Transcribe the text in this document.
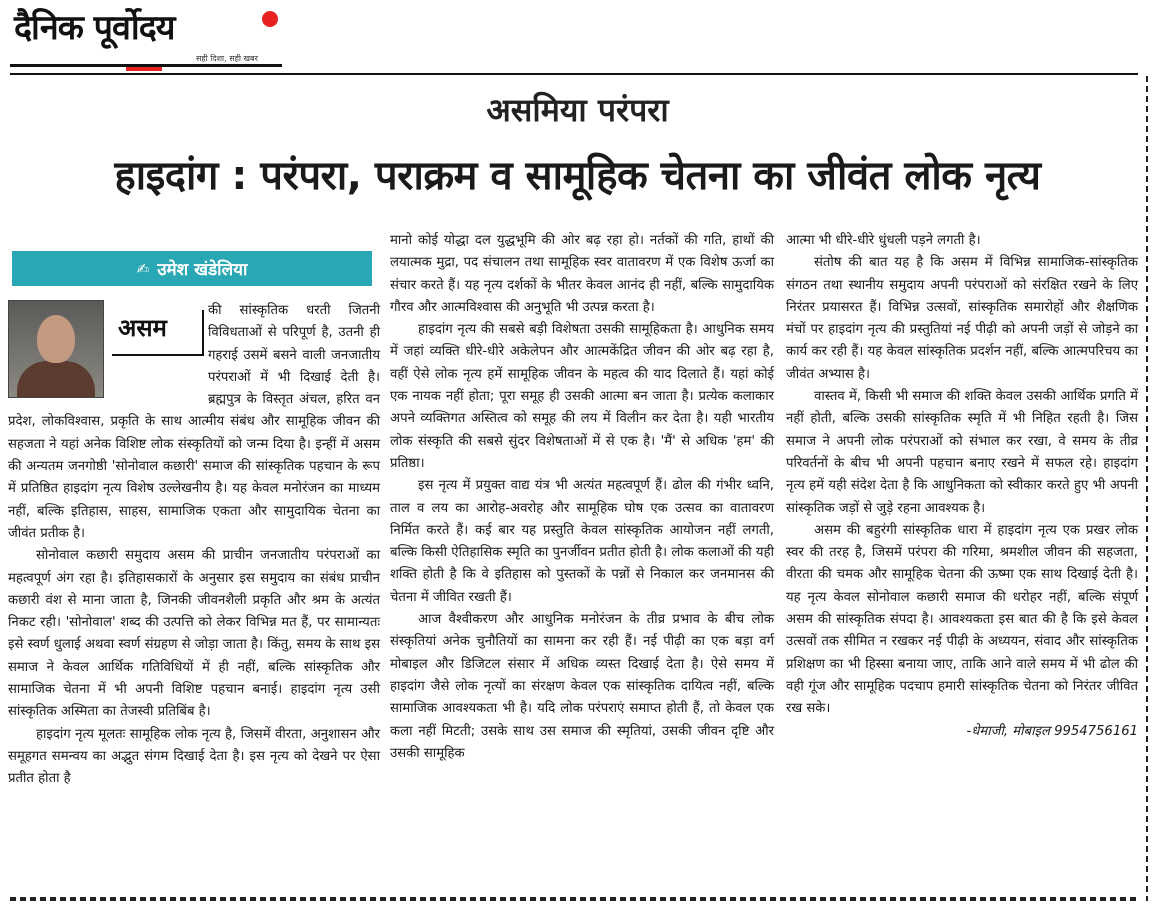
दैनिक पूर्वोदय
सही दिशा, सही खबर
असमिया परंपरा
हाइदांग : परंपरा, पराक्रम व सामूहिक चेतना का जीवंत लोक नृत्य
✍ उमेश खंडेलिया
असम

की सांस्कृतिक धरती जितनी विविधताओं से परिपूर्ण है, उतनी ही गहराई उसमें बसने वाली जनजातीय परंपराओं में भी दिखाई देती है। ब्रह्मपुत्र के विस्तृत अंचल, हरित वन प्रदेश, लोकविश्वास, प्रकृति के साथ आत्मीय संबंध और सामूहिक जीवन की सहजता ने यहां अनेक विशिष्ट लोक संस्कृतियों को जन्म दिया है। इन्हीं में असम की अन्यतम जनगोष्ठी 'सोनोवाल कछारी' समाज की सांस्कृतिक पहचान के रूप में प्रतिष्ठित हाइदांग नृत्य विशेष उल्लेखनीय है। यह केवल मनोरंजन का माध्यम नहीं, बल्कि इतिहास, साहस, सामाजिक एकता और सामुदायिक चेतना का जीवंत प्रतीक है।

सोनोवाल कछारी समुदाय असम की प्राचीन जनजातीय परंपराओं का महत्वपूर्ण अंग रहा है। इतिहासकारों के अनुसार इस समुदाय का संबंध प्राचीन कछारी वंश से माना जाता है, जिनकी जीवनशैली प्रकृति और श्रम के अत्यंत निकट रही। 'सोनोवाल' शब्द की उत्पत्ति को लेकर विभिन्न मत हैं, पर सामान्यतः इसे स्वर्ण धुलाई अथवा स्वर्ण संग्रहण से जोड़ा जाता है। किंतु, समय के साथ इस समाज ने केवल आर्थिक गतिविधियों में ही नहीं, बल्कि सांस्कृतिक और सामाजिक चेतना में भी अपनी विशिष्ट पहचान बनाई। हाइदांग नृत्य उसी सांस्कृतिक अस्मिता का तेजस्वी प्रतिबिंब है।

हाइदांग नृत्य मूलतः सामूहिक लोक नृत्य है, जिसमें वीरता, अनुशासन और समूहगत समन्वय का अद्भुत संगम दिखाई देता है। इस नृत्य को देखने पर ऐसा प्रतीत होता है

मानो कोई योद्धा दल युद्धभूमि की ओर बढ़ रहा हो। नर्तकों की गति, हाथों की लयात्मक मुद्रा, पद संचालन तथा सामूहिक स्वर वातावरण में एक विशेष ऊर्जा का संचार करते हैं। यह नृत्य दर्शकों के भीतर केवल आनंद ही नहीं, बल्कि सामुदायिक गौरव और आत्मविश्वास की अनुभूति भी उत्पन्न करता है।

हाइदांग नृत्य की सबसे बड़ी विशेषता उसकी सामूहिकता है। आधुनिक समय में जहां व्यक्ति धीरे-धीरे अकेलेपन और आत्मकेंद्रित जीवन की ओर बढ़ रहा है, वहीं ऐसे लोक नृत्य हमें सामूहिक जीवन के महत्व की याद दिलाते हैं। यहां कोई एक नायक नहीं होता; पूरा समूह ही उसकी आत्मा बन जाता है। प्रत्येक कलाकार अपने व्यक्तिगत अस्तित्व को समूह की लय में विलीन कर देता है। यही भारतीय लोक संस्कृति की सबसे सुंदर विशेषताओं में से एक है। 'मैं' से अधिक 'हम' की प्रतिष्ठा।

इस नृत्य में प्रयुक्त वाद्य यंत्र भी अत्यंत महत्वपूर्ण हैं। ढोल की गंभीर ध्वनि, ताल व लय का आरोह-अवरोह और सामूहिक घोष एक उत्सव का वातावरण निर्मित करते हैं। कई बार यह प्रस्तुति केवल सांस्कृतिक आयोजन नहीं लगती, बल्कि किसी ऐतिहासिक स्मृति का पुनर्जीवन प्रतीत होती है। लोक कलाओं की यही शक्ति होती है कि वे इतिहास को पुस्तकों के पन्नों से निकाल कर जनमानस की चेतना में जीवित रखती हैं।

आज वैश्वीकरण और आधुनिक मनोरंजन के तीव्र प्रभाव के बीच लोक संस्कृतियां अनेक चुनौतियों का सामना कर रही हैं। नई पीढ़ी का एक बड़ा वर्ग मोबाइल और डिजिटल संसार में अधिक व्यस्त दिखाई देता है। ऐसे समय में हाइदांग जैसे लोक नृत्यों का संरक्षण केवल एक सांस्कृतिक दायित्व नहीं, बल्कि सामाजिक आवश्यकता भी है। यदि लोक परंपराएं समाप्त होती हैं, तो केवल एक कला नहीं मिटती; उसके साथ उस समाज की स्मृतियां, उसकी जीवन दृष्टि और उसकी सामूहिक

आत्मा भी धीरे-धीरे धुंधली पड़ने लगती है।

संतोष की बात यह है कि असम में विभिन्न सामाजिक-सांस्कृतिक संगठन तथा स्थानीय समुदाय अपनी परंपराओं को संरक्षित रखने के लिए निरंतर प्रयासरत हैं। विभिन्न उत्सवों, सांस्कृतिक समारोहों और शैक्षणिक मंचों पर हाइदांग नृत्य की प्रस्तुतियां नई पीढ़ी को अपनी जड़ों से जोड़ने का कार्य कर रही हैं। यह केवल सांस्कृतिक प्रदर्शन नहीं, बल्कि आत्मपरिचय का जीवंत अभ्यास है।

वास्तव में, किसी भी समाज की शक्ति केवल उसकी आर्थिक प्रगति में नहीं होती, बल्कि उसकी सांस्कृतिक स्मृति में भी निहित रहती है। जिस समाज ने अपनी लोक परंपराओं को संभाल कर रखा, वे समय के तीव्र परिवर्तनों के बीच भी अपनी पहचान बनाए रखने में सफल रहे। हाइदांग नृत्य हमें यही संदेश देता है कि आधुनिकता को स्वीकार करते हुए भी अपनी सांस्कृतिक जड़ों से जुड़े रहना आवश्यक है।

असम की बहुरंगी सांस्कृतिक धारा में हाइदांग नृत्य एक प्रखर लोक स्वर की तरह है, जिसमें परंपरा की गरिमा, श्रमशील जीवन की सहजता, वीरता की चमक और सामूहिक चेतना की ऊष्मा एक साथ दिखाई देती है। यह नृत्य केवल सोनोवाल कछारी समाज की धरोहर नहीं, बल्कि संपूर्ण असम की सांस्कृतिक संपदा है। आवश्यकता इस बात की है कि इसे केवल उत्सवों तक सीमित न रखकर नई पीढ़ी के अध्ययन, संवाद और सांस्कृतिक प्रशिक्षण का भी हिस्सा बनाया जाए, ताकि आने वाले समय में भी ढोल की वही गूंज और सामूहिक पदचाप हमारी सांस्कृतिक चेतना को निरंतर जीवित रख सके।

-धेमाजी, मोबाइल 9954756161
